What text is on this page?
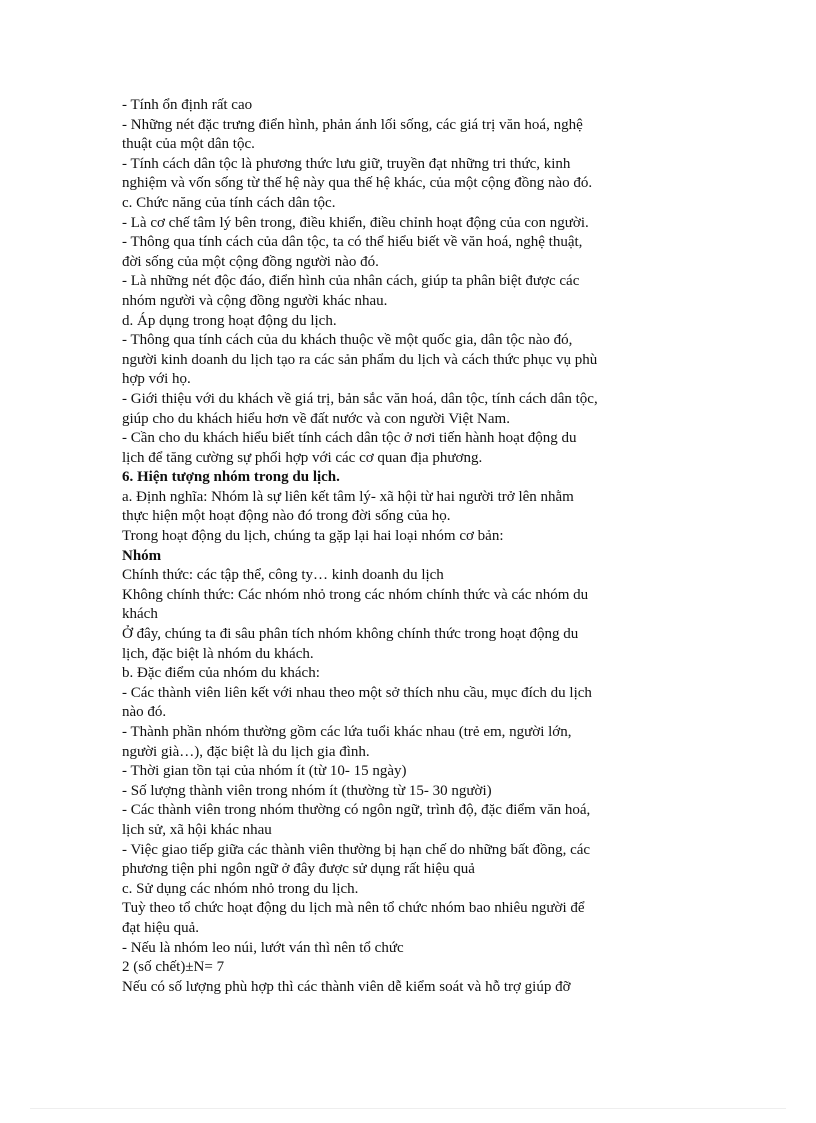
- Tính ổn định rất cao
- Những nét đặc trưng điển hình, phản ánh lối sống, các giá trị văn hoá, nghệ
thuật của một dân tộc.
- Tính cách dân tộc là phương thức lưu giữ, truyền đạt những tri thức, kinh
nghiệm và vốn sống từ thế hệ này qua thế hệ khác, của một cộng đồng nào đó.
c. Chức năng của tính cách dân tộc.
- Là cơ chế tâm lý bên trong, điều khiển, điều chỉnh hoạt động của con người.
- Thông qua tính cách của dân tộc, ta có thể hiểu biết về văn hoá, nghệ thuật,
đời sống của một cộng đồng người nào đó.
- Là những nét độc đáo, điển hình của nhân cách, giúp ta phân biệt được các
nhóm người và cộng đồng người khác nhau.
d. Áp dụng trong hoạt động du lịch.
- Thông qua tính cách của du khách thuộc về một quốc gia, dân tộc nào đó,
người kinh doanh du lịch tạo ra các sản phẩm du lịch và cách thức phục vụ phù
hợp với họ.
- Giới thiệu với du khách về giá trị, bản sắc văn hoá, dân tộc, tính cách dân tộc,
giúp cho du khách hiểu hơn về đất nước và con người Việt Nam.
- Cần cho du khách hiểu biết tính cách dân tộc ở nơi tiến hành hoạt động du
lịch để tăng cường sự phối hợp với các cơ quan địa phương.
6. Hiện tượng nhóm trong du lịch.
a. Định nghĩa: Nhóm là sự liên kết tâm lý- xã hội từ hai người trở lên nhằm
thực hiện một hoạt động nào đó trong đời sống của họ.
Trong hoạt động du lịch, chúng ta gặp lại hai loại nhóm cơ bản:
Nhóm
Chính thức: các tập thể, công ty… kinh doanh du lịch
Không chính thức: Các nhóm nhỏ trong các nhóm chính thức và các nhóm du
khách
Ở đây, chúng ta đi sâu phân tích nhóm không chính thức trong hoạt động du
lịch, đặc biệt là nhóm du khách.
b. Đặc điểm của nhóm du khách:
- Các thành viên liên kết với nhau theo một sở thích nhu cầu, mục đích du lịch
nào đó.
- Thành phần nhóm thường gồm các lứa tuổi khác nhau (trẻ em, người lớn,
người già…), đặc biệt là du lịch gia đình.
- Thời gian tồn tại của nhóm ít (từ 10- 15 ngày)
- Số lượng thành viên trong nhóm ít (thường từ 15- 30 người)
- Các thành viên trong nhóm thường có ngôn ngữ, trình độ, đặc điểm văn hoá,
lịch sử, xã hội khác nhau
- Việc giao tiếp giữa các thành viên thường bị hạn chế do những bất đồng, các
phương tiện phi ngôn ngữ ở đây được sử dụng rất hiệu quả
c. Sử dụng các nhóm nhỏ trong du lịch.
Tuỳ theo tổ chức hoạt động du lịch mà nên tổ chức nhóm bao nhiêu người để
đạt hiệu quả.
- Nếu là nhóm leo núi, lướt ván thì nên tổ chức
2 (số chết)±N= 7
Nếu có số lượng phù hợp thì các thành viên dễ kiểm soát và hỗ trợ giúp đỡ
